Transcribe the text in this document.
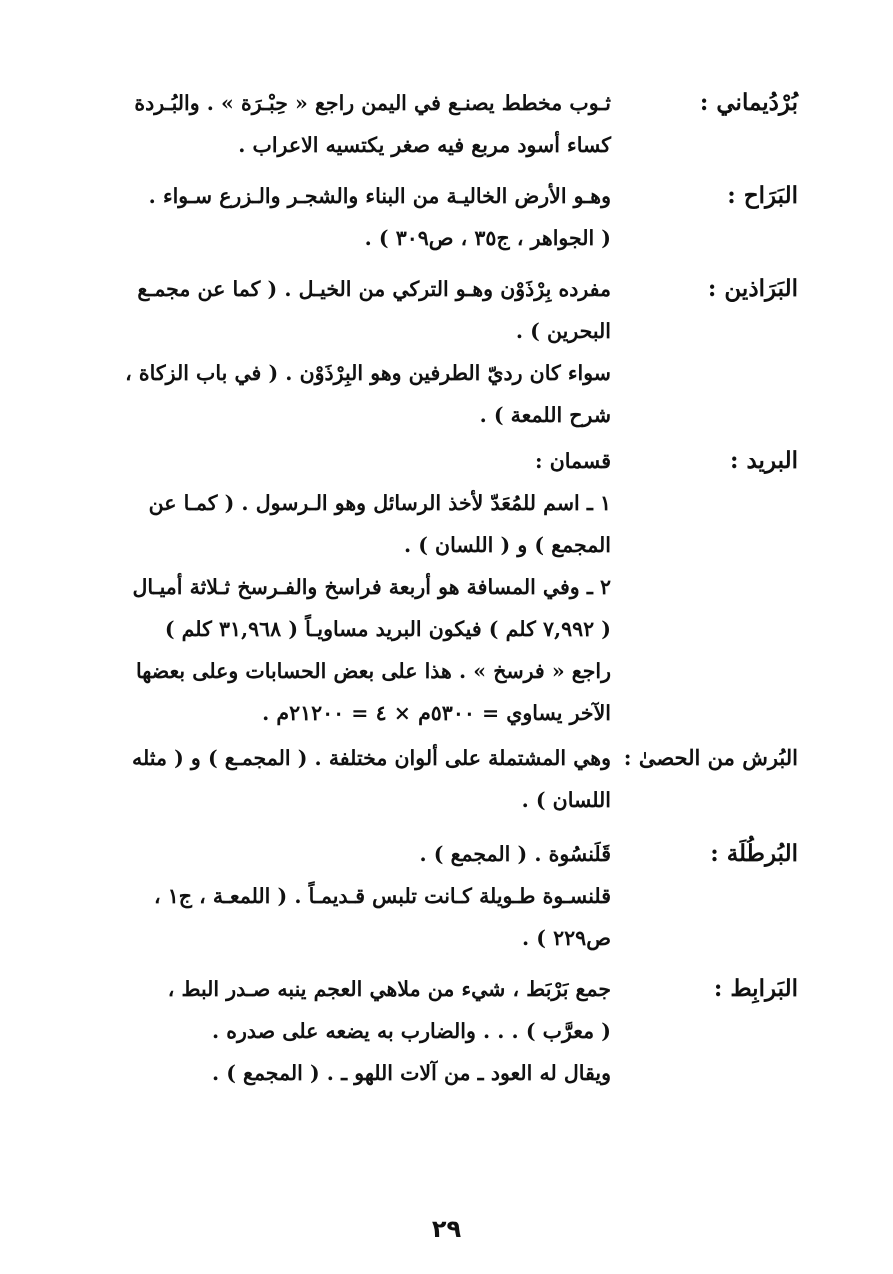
بُرْدُيماني :
ثـوب مخطط يصنـع في اليمن راجع « حِبْـرَة » . والبُـردة
كساء أسود مربع فيه صغر يكتسيه الاعراب .
البَرَاح :
وهـو الأرض الخاليـة من البناء والشجـر والـزرع سـواء .
( الجواهر ، ج٣٥ ، ص٣٠٩ ) .
البَرَاذين :
مفرده بِرْذَوْن وهـو التركي من الخيـل . ( كما عن مجمـع
البحرين ) .
سواء كان رديّ الطرفين وهو البِرْذَوْن . ( في باب الزكاة ،
شرح اللمعة ) .
البريد :
قسمان :
١ ـ اسم للمُعَدّ لأخذ الرسائل وهو الـرسول . ( كمـا عن
المجمع ) و ( اللسان ) .
٢ ـ وفي المسافة هو أربعة فراسخ والفـرسخ ثـلاثة أميـال
( ٧,٩٩٢ كلم ) فيكون البريد مساويـاً ( ٣١,٩٦٨ كلم )
راجع « فرسخ » . هذا على بعض الحسابات وعلى بعضها
الآخر يساوي = ٥٣٠٠م × ٤ = ٢١٢٠٠م .
البُرش من الحصىٰ :
وهي المشتملة على ألوان مختلفة . ( المجمـع ) و ( مثله
اللسان ) .
البُرطُلَة :
قَلَنسُوة . ( المجمع ) .
قلنسـوة طـويلة كـانت تلبس قـديمـاً . ( اللمعـة ، ج١ ،
ص٢٢٩ ) .
البَرابِط :
جمع بَرْبَط ، شيء من ملاهي العجم ينبه صـدر البط ،
( معرَّب ) . . . والضارب به يضعه على صدره .
ويقال له العود ـ من آلات اللهو ـ . ( المجمع ) .
٢٩
